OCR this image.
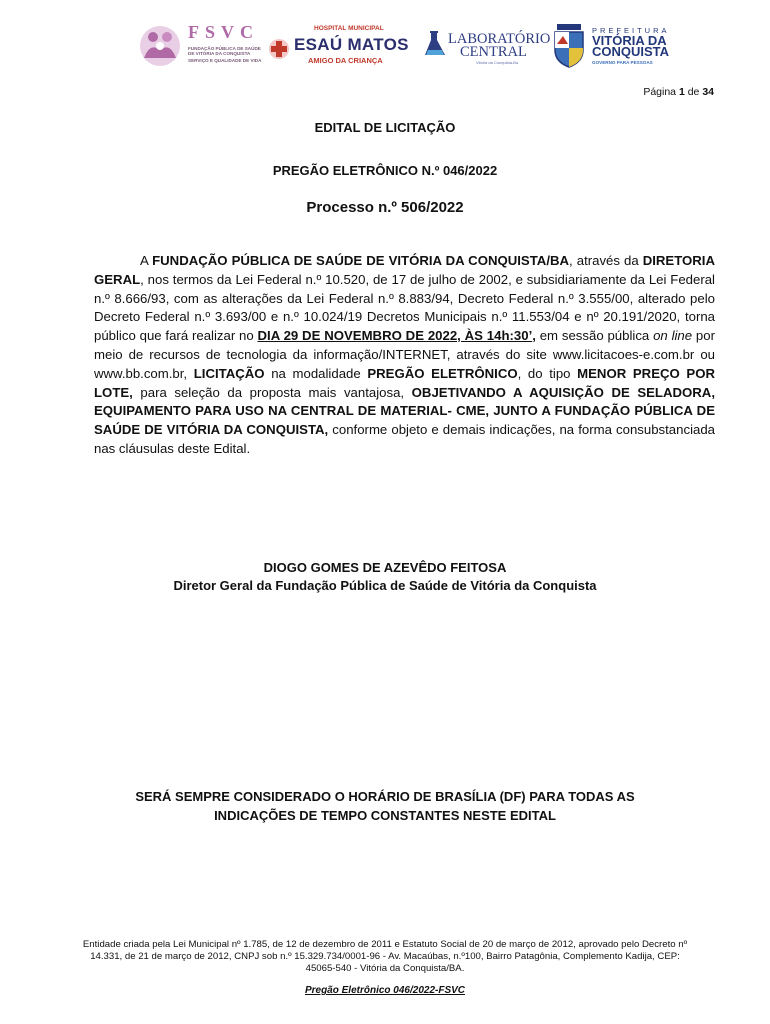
FSVC
FUNDAÇÃO PÚBLICA DE SAÚDE
DE VITÓRIA DA CONQUISTA
SERVIÇO E QUALIDADE DE VIDA
HOSPITAL MUNICIPAL
ESAÚ MATOS
AMIGO DA CRIANÇA
LABORATÓRIO
CENTRAL
Vitória da Conquista-Ba
PREFEITURA
VITÓRIA DA
CONQUISTA
GOVERNO PARA PESSOAS
Página 1 de 34
EDITAL DE LICITAÇÃO
PREGÃO ELETRÔNICO N.º 046/2022
Processo n.º 506/2022

A FUNDAÇÃO PÚBLICA DE SAÚDE DE VITÓRIA DA CONQUISTA/BA, através da DIRETORIA GERAL, nos termos da Lei Federal n.º 10.520, de 17 de julho de 2002, e subsidiariamente da Lei Federal n.º 8.666/93, com as alterações da Lei Federal n.º 8.883/94, Decreto Federal n.º 3.555/00, alterado pelo Decreto Federal n.º 3.693/00 e n.º 10.024/19 Decretos Municipais n.º 11.553/04 e nº 20.191/2020, torna público que fará realizar no DIA 29 DE NOVEMBRO DE 2022, ÀS 14h:30’, em sessão pública on line por meio de recursos de tecnologia da informação/INTERNET, através do site www.licitacoes-e.com.br ou www.bb.com.br, LICITAÇÃO na modalidade PREGÃO ELETRÔNICO, do tipo MENOR PREÇO POR LOTE, para seleção da proposta mais vantajosa, OBJETIVANDO A AQUISIÇÃO DE SELADORA, EQUIPAMENTO PARA USO NA CENTRAL DE MATERIAL- CME, JUNTO A FUNDAÇÃO PÚBLICA DE SAÚDE DE VITÓRIA DA CONQUISTA, conforme objeto e demais indicações, na forma consubstanciada nas cláusulas deste Edital.

DIOGO GOMES DE AZEVÊDO FEITOSA
Diretor Geral da Fundação Pública de Saúde de Vitória da Conquista
SERÁ SEMPRE CONSIDERADO O HORÁRIO DE BRASÍLIA (DF) PARA TODAS AS INDICAÇÕES DE TEMPO CONSTANTES NESTE EDITAL
Entidade criada pela Lei Municipal nº 1.785, de 12 de dezembro de 2011 e Estatuto Social de 20 de março de 2012, aprovado pelo Decreto nº 14.331, de 21 de março de 2012, CNPJ sob n.º 15.329.734/0001-96 - Av. Macaúbas, n.º100, Bairro Patagônia, Complemento Kadija, CEP: 45065-540 - Vitória da Conquista/BA.
Pregão Eletrônico 046/2022-FSVC
